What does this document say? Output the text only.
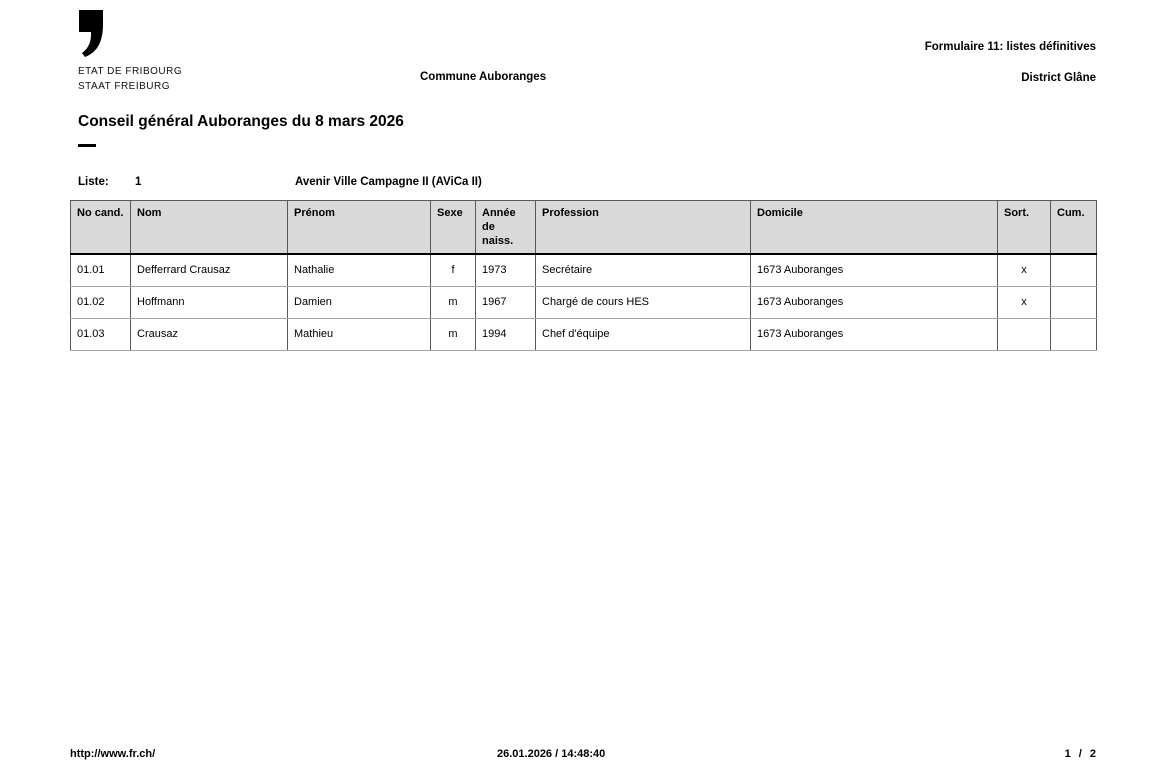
ETAT DE FRIBOURG
STAAT FREIBURG
Commune Auboranges
Formulaire 11: listes définitives
District Glâne
Conseil général Auboranges du 8 mars 2026
Liste: 1	Avenir Ville Campagne II (AViCa II)
No cand.	Nom	Prénom	Sexe	Année de naiss.	Profession	Domicile	Sort.	Cum.
01.01	Defferrard Crausaz	Nathalie	f	1973	Secrétaire	1673 Auboranges	x	
01.02	Hoffmann	Damien	m	1967	Chargé de cours HES	1673 Auboranges	x	
01.03	Crausaz	Mathieu	m	1994	Chef d'équipe	1673 Auboranges		
http://www.fr.ch/	26.01.2026 / 14:48:40	1 / 2
